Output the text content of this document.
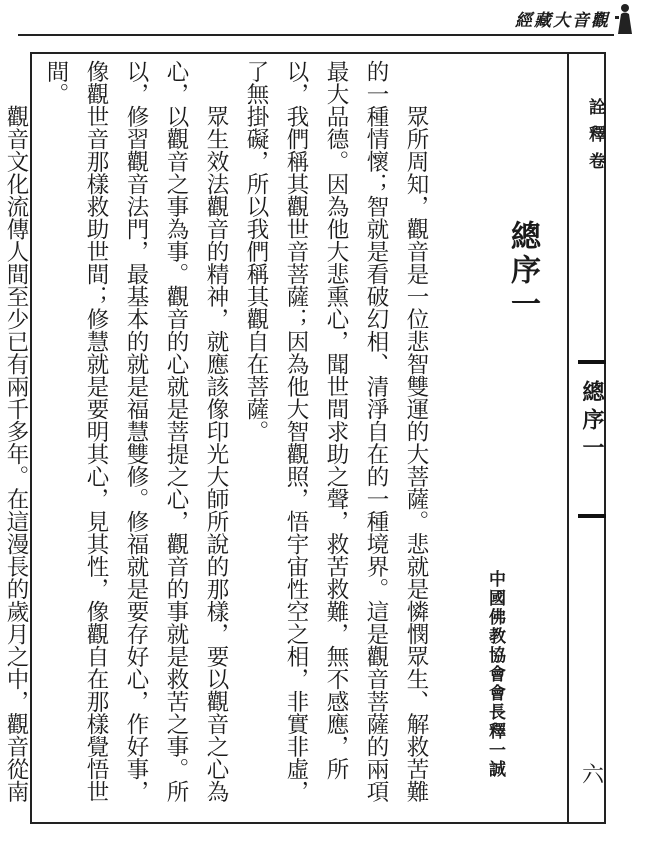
經藏大音觀
詮釋卷
總序一
六
總序一
中國佛教協會會長釋一誠

眾所周知，觀音是一位悲智雙運的大菩薩。悲就是憐憫眾生、解救苦難的一種情懷；智就是看破幻相、清淨自在的一種境界。這是觀音菩薩的兩項最大品德。因為他大悲熏心，聞世間求助之聲，救苦救難，無不感應，所以，我們稱其觀世音菩薩；因為他大智觀照，悟宇宙性空之相，非實非虛，了無掛礙，所以我們稱其觀自在菩薩。

眾生效法觀音的精神，就應該像印光大師所說的那樣，要以觀音之心為心，以觀音之事為事。觀音的心就是菩提之心，觀音的事就是救苦之事。所以，修習觀音法門，最基本的就是福慧雙修。修福就是要存好心，作好事，像觀世音那樣救助世間；修慧就是要明其心，見其性，像觀自在那樣覺悟世間。

觀音文化流傳人間至少已有兩千多年。在這漫長的歲月之中，觀音從南
